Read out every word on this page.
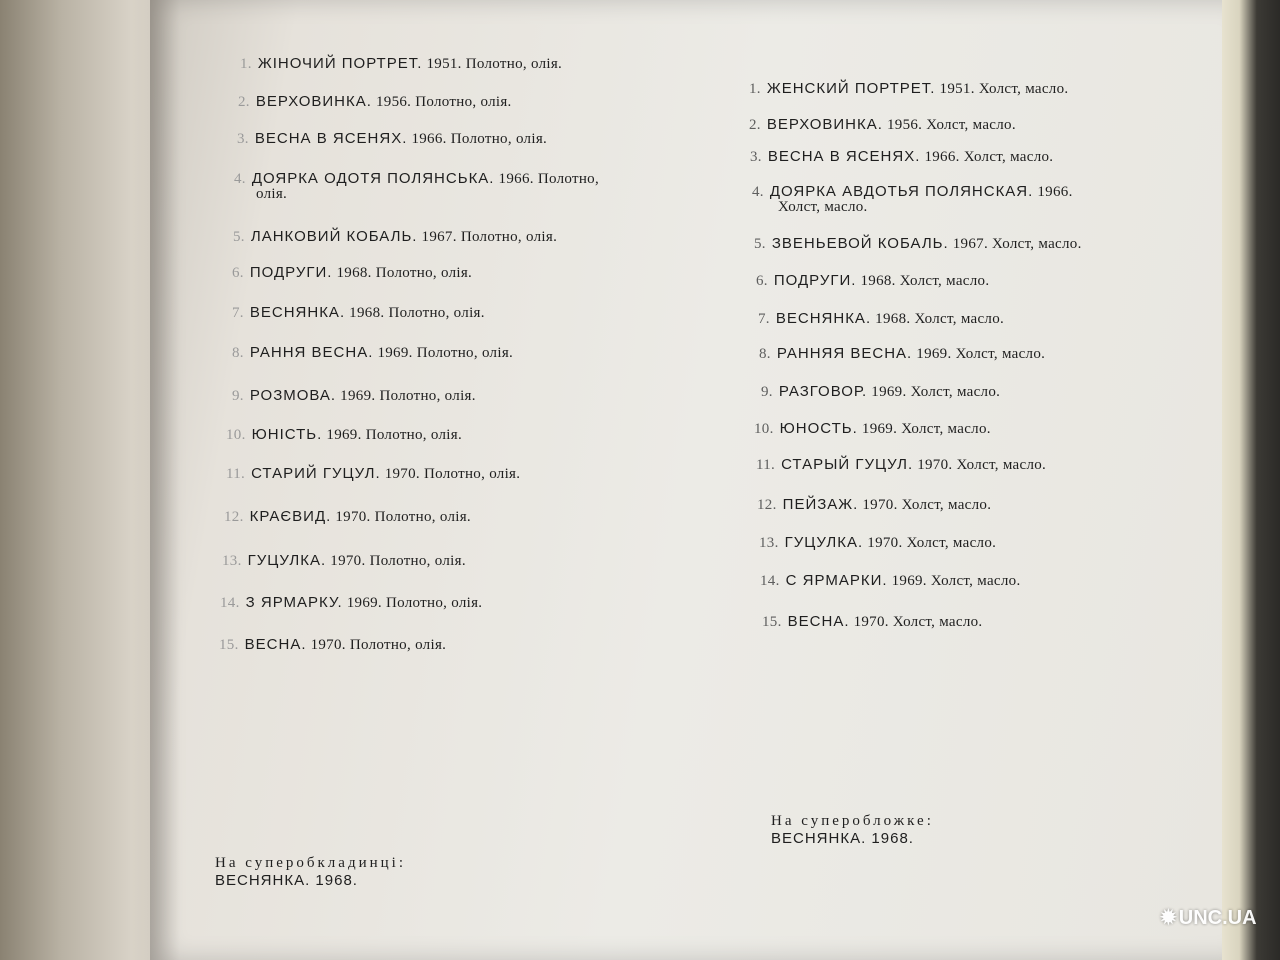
1. ЖІНОЧИЙ ПОРТРЕТ. 1951. Полотно, олія.
2. ВЕРХОВИНКА. 1956. Полотно, олія.
3. ВЕСНА В ЯСЕНЯХ. 1966. Полотно, олія.
4. ДОЯРКА ОДОТЯ ПОЛЯНСЬКА. 1966. Полотно,
олія.
5. ЛАНКОВИЙ КОБАЛЬ. 1967. Полотно, олія.
6. ПОДРУГИ. 1968. Полотно, олія.
7. ВЕСНЯНКА. 1968. Полотно, олія.
8. РАННЯ ВЕСНА. 1969. Полотно, олія.
9. РОЗМОВА. 1969. Полотно, олія.
10. ЮНІСТЬ. 1969. Полотно, олія.
11. СТАРИЙ ГУЦУЛ. 1970. Полотно, олія.
12. КРАЄВИД. 1970. Полотно, олія.
13. ГУЦУЛКА. 1970. Полотно, олія.
14. З ЯРМАРКУ. 1969. Полотно, олія.
15. ВЕСНА. 1970. Полотно, олія.
1. ЖЕНСКИЙ ПОРТРЕТ. 1951. Холст, масло.
2. ВЕРХОВИНКА. 1956. Холст, масло.
3. ВЕСНА В ЯСЕНЯХ. 1966. Холст, масло.
4. ДОЯРКА АВДОТЬЯ ПОЛЯНСКАЯ. 1966.
Холст, масло.
5. ЗВЕНЬЕВОЙ КОБАЛЬ. 1967. Холст, масло.
6. ПОДРУГИ. 1968. Холст, масло.
7. ВЕСНЯНКА. 1968. Холст, масло.
8. РАННЯЯ ВЕСНА. 1969. Холст, масло.
9. РАЗГОВОР. 1969. Холст, масло.
10. ЮНОСТЬ. 1969. Холст, масло.
11. СТАРЫЙ ГУЦУЛ. 1970. Холст, масло.
12. ПЕЙЗАЖ. 1970. Холст, масло.
13. ГУЦУЛКА. 1970. Холст, масло.
14. С ЯРМАРКИ. 1969. Холст, масло.
15. ВЕСНА. 1970. Холст, масло.
На суперобкладинці:
ВЕСНЯНКА. 1968.
На суперобложке:
ВЕСНЯНКА. 1968.
✹ UNC.UA
